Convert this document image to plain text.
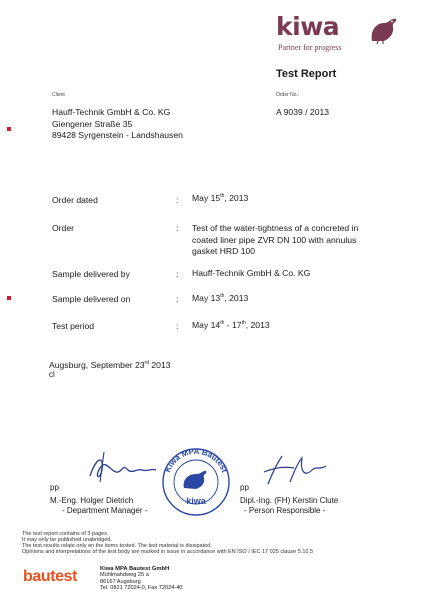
kiwa
Partner for progress
Test Report
Client	Order No.:
Hauff-Technik GmbH & Co. KG
Giengener Straße 35
89428 Syrgenstein - Landshausen
A 9039 / 2013
Order dated	: May 15th, 2013
Order	: Test of the water-tightness of a concreted in
coated liner pipe ZVR DN 100 with annulus
gasket HRD 100
Sample delivered by	: Hauff-Technik GmbH & Co. KG
Sample delivered on	: May 13th, 2013
Test period	: May 14th - 17th, 2013
Augsburg, September 23rd 2013
cl
pp
M.-Eng. Holger Dietrich
- Department Manager -
Kiwa MPA Bautest
kiwa
pp
Dipl.-Ing. (FH) Kerstin Clute
- Person Responsible -
The test report contains of 3 pages.
It may only be published unabridged.
The test results relate only on the items tested. The test material is dissipated.
Opinions and interpretations of the test body are marked in issue in accordance with EN ISO / IEC 17 025 clause 5.10.5
bautest	Kiwa MPA Bautest GmbH
Mühlmahdweg 25 a
86167 Augsburg
Tel. 0821 72024-0, Fax 72024-40
